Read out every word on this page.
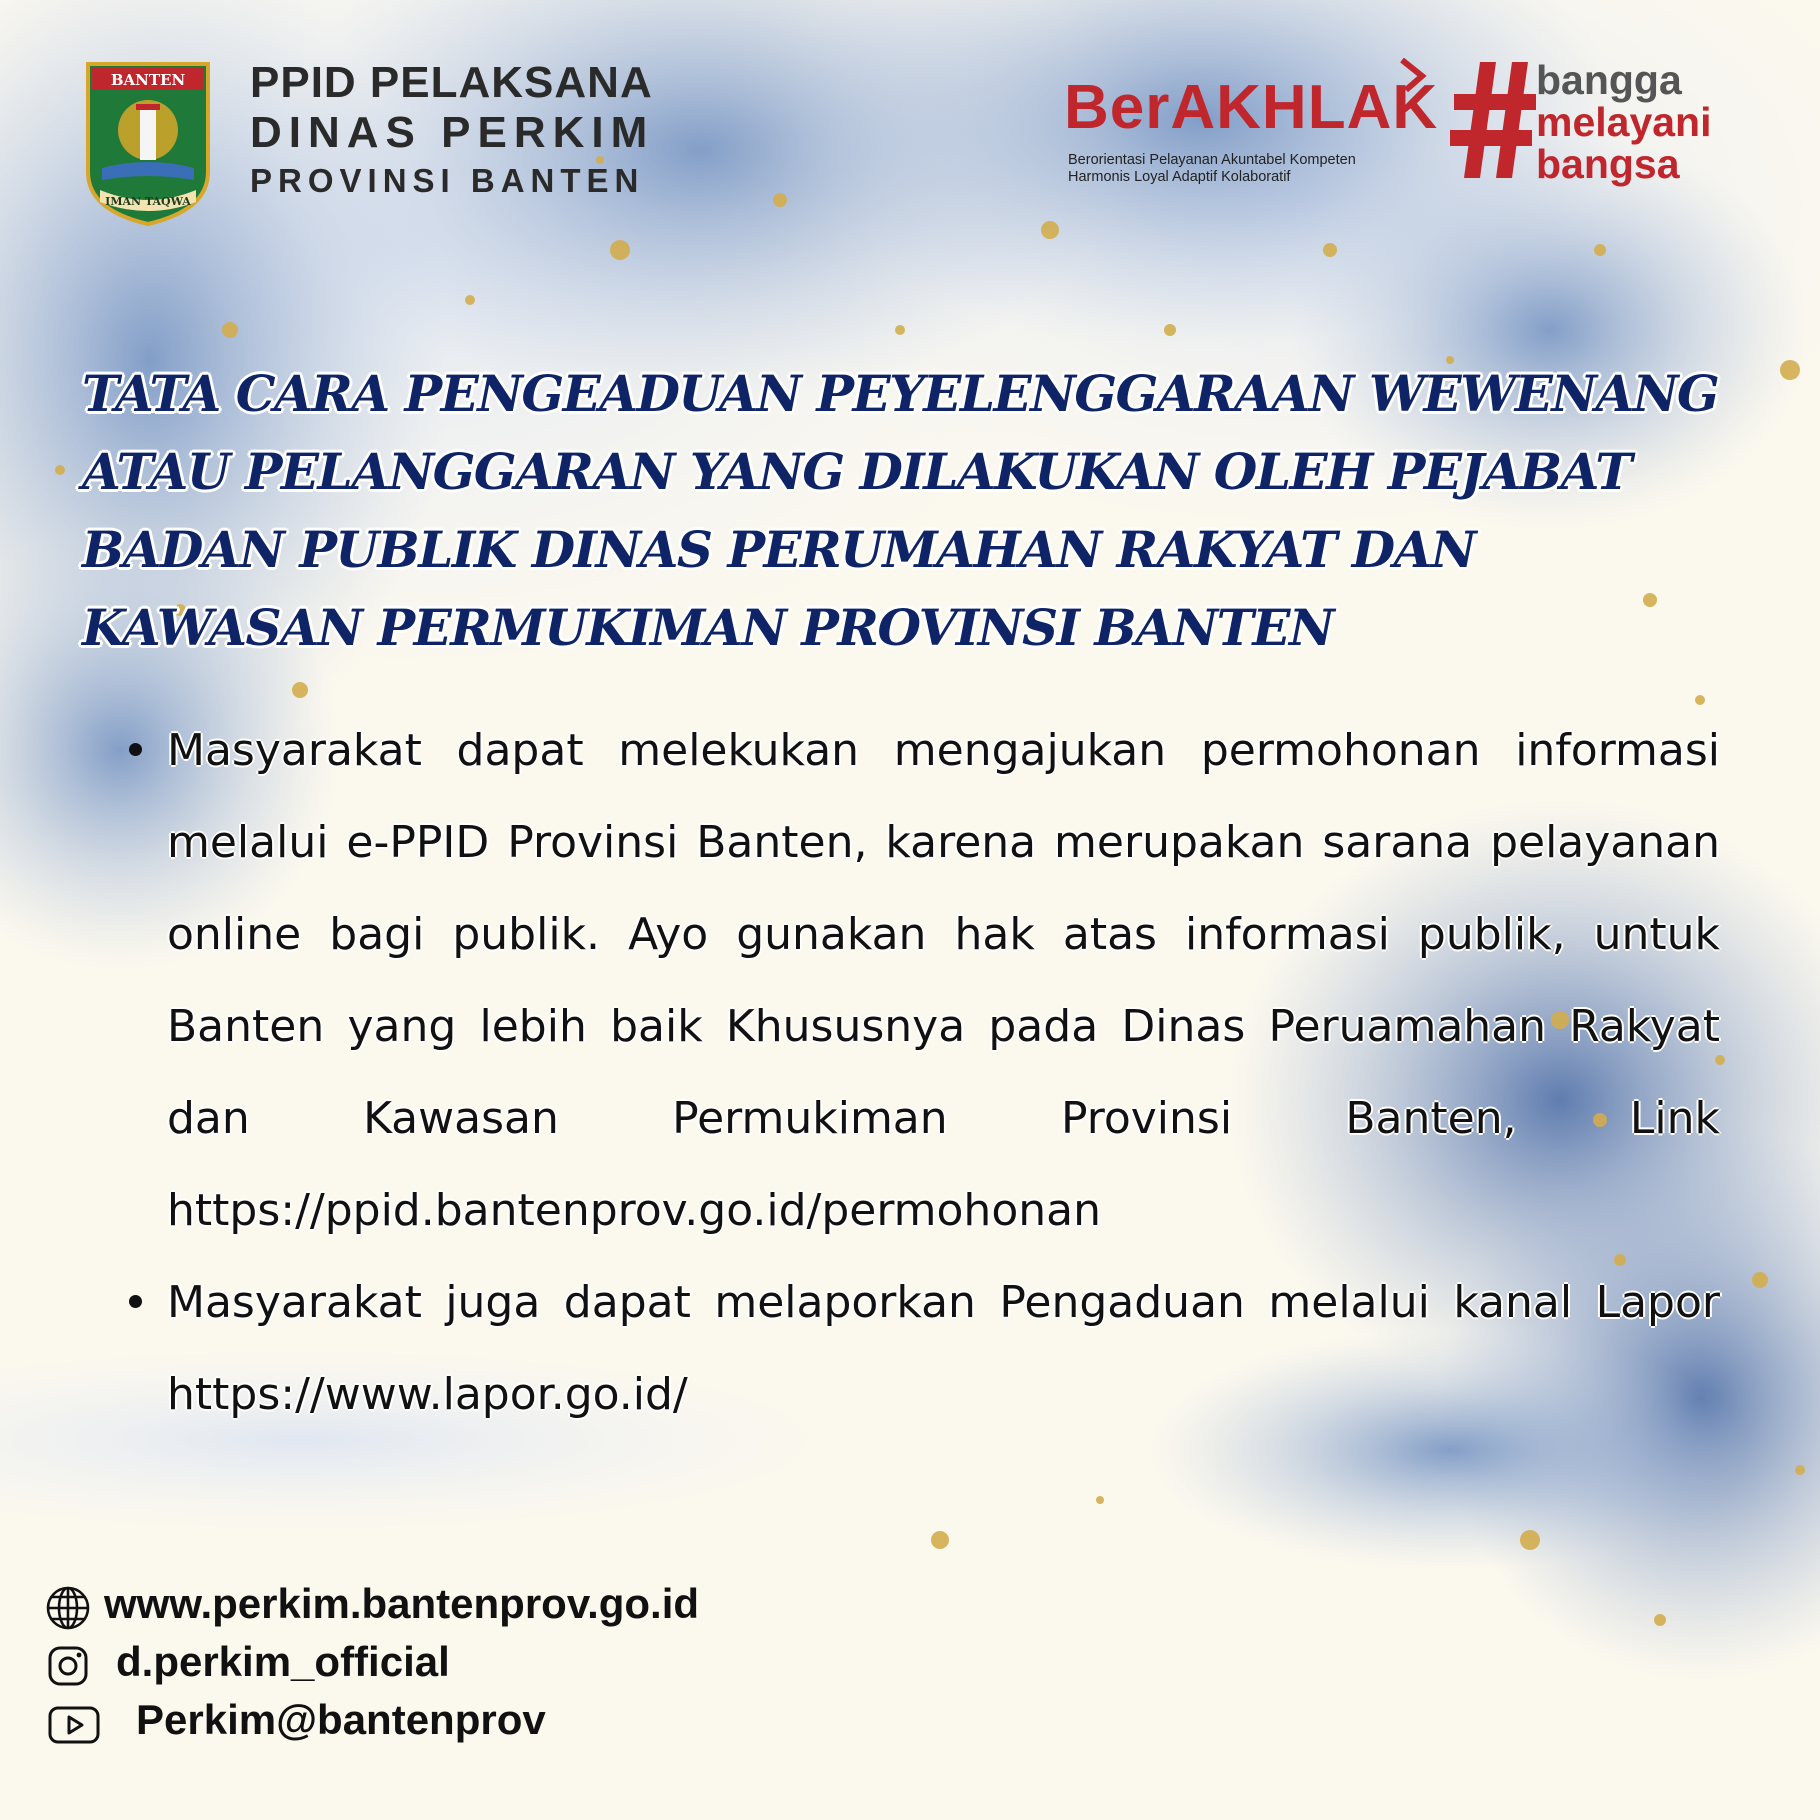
BANTEN
IMAN TAQWA
PPID PELAKSANA
DINAS PERKIM
PROVINSI BANTEN
BerAKHLAK
Berorientasi Pelayanan Akuntabel Kompeten
Harmonis Loyal Adaptif Kolaboratif
bangga
melayani
bangsa
TATA CARA PENGEADUAN PEYELENGGARAAN WEWENANG
ATAU PELANGGARAN YANG DILAKUKAN OLEH PEJABAT
BADAN PUBLIK DINAS PERUMAHAN RAKYAT DAN
KAWASAN PERMUKIMAN PROVINSI BANTEN

Masyarakat dapat melekukan mengajukan permohonan informasi melalui e-PPID Provinsi Banten, karena merupakan sarana pelayanan online bagi publik. Ayo gunakan hak atas informasi publik, untuk Banten yang lebih baik Khususnya pada Dinas Peruamahan Rakyat dan Kawasan Permukiman Provinsi Banten, Link https://ppid.bantenprov.go.id/permohonan

Masyarakat juga dapat melaporkan Pengaduan melalui kanal Lapor https://www.lapor.go.id/

www.perkim.bantenprov.go.id
d.perkim_official
Perkim@bantenprov
